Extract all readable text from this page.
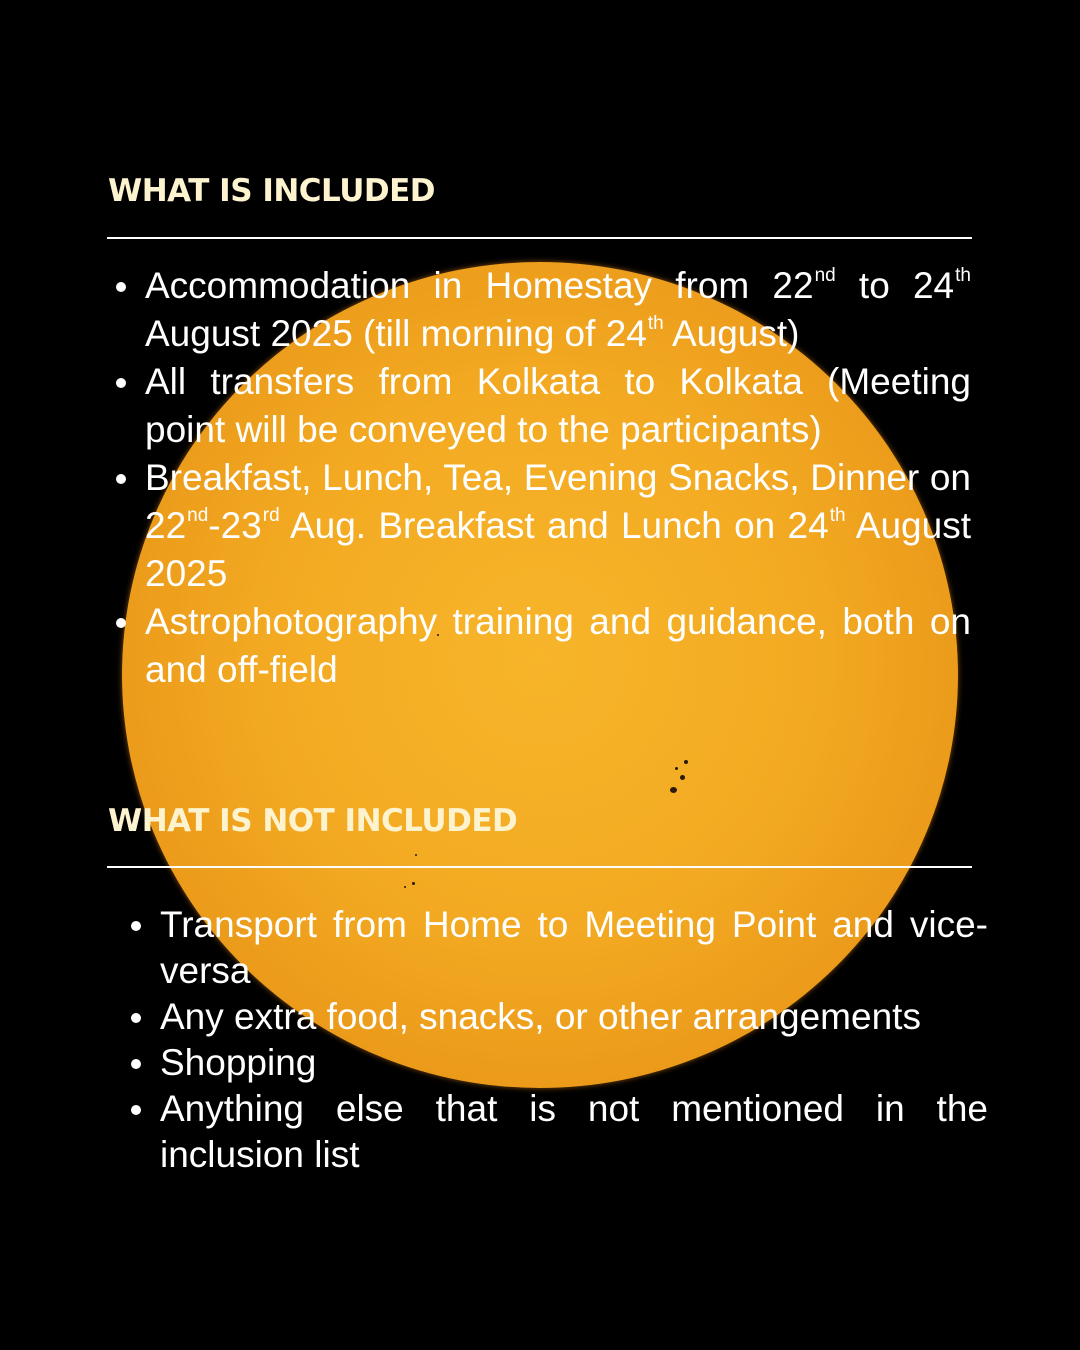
WHAT IS INCLUDED
Accommodation in Homestay from 22nd to 24th August 2025 (till morning of 24th August)
All transfers from Kolkata to Kolkata (Meeting point will be conveyed to the participants)
Breakfast, Lunch, Tea, Evening Snacks, Dinner on 22nd-23rd Aug. Breakfast and Lunch on 24th August 2025
Astrophotography training and guidance, both on and off-field
WHAT IS NOT INCLUDED
Transport from Home to Meeting Point and vice-versa
Any extra food, snacks, or other arrangements
Shopping
Anything else that is not mentioned in the inclusion list
